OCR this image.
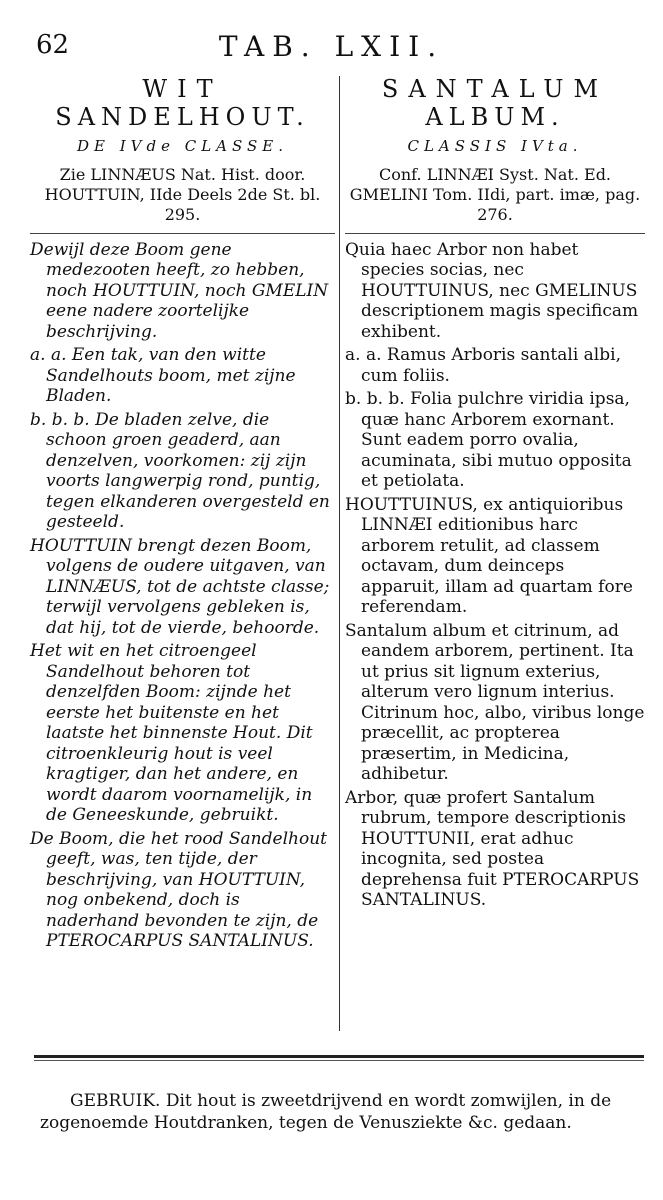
62	TAB. LXII.
WIT
SANDELHOUT.
DE IVde CLASSE.
Zie LINNÆUS Nat. Hist. door. HOUTTUIN, IIde Deels 2de St. bl. 295.

Dewijl deze Boom gene medezooten heeft, zo hebben, noch HOUTTUIN, noch GMELIN eene nadere zoortelijke beschrijving.

a. a. Een tak, van den witte Sandelhouts boom, met zijne Bladen.

b. b. b. De bladen zelve, die schoon groen geaderd, aan denzelven, voorkomen: zij zijn voorts langwerpig rond, puntig, tegen elkanderen overgesteld en gesteeld.

HOUTTUIN brengt dezen Boom, volgens de oudere uitgaven, van LINNÆUS, tot de achtste classe; terwijl vervolgens gebleken is, dat hij, tot de vierde, behoorde.

Het wit en het citroengeel Sandelhout behoren tot denzelfden Boom: zijnde het eerste het buitenste en het laatste het binnenste Hout. Dit citroenkleurig hout is veel kragtiger, dan het andere, en wordt daarom voornamelijk, in de Geneeskunde, gebruikt.

De Boom, die het rood Sandelhout geeft, was, ten tijde, der beschrijving, van HOUTTUIN, nog onbekend, doch is naderhand bevonden te zijn, de PTEROCARPUS SANTALINUS.

SANTALUM
ALBUM.
CLASSIS IVta.
Conf. LINNÆI Syst. Nat. Ed. GMELINI Tom. IIdi, part. imæ, pag. 276.

Quia haec Arbor non habet species socias, nec HOUTTUINUS, nec GMELINUS descriptionem magis specificam exhibent.

a. a. Ramus Arboris santali albi, cum foliis.

b. b. b. Folia pulchre viridia ipsa, quæ hanc Arborem exornant. Sunt eadem porro ovalia, acuminata, sibi mutuo opposita et petiolata.

HOUTTUINUS, ex antiquioribus LINNÆI editionibus harc arborem retulit, ad classem octavam, dum deinceps apparuit, illam ad quartam fore referendam.

Santalum album et citrinum, ad eandem arborem, pertinent. Ita ut prius sit lignum exterius, alterum vero lignum interius. Citrinum hoc, albo, viribus longe præcellit, ac propterea præsertim, in Medicina, adhibetur.

Arbor, quæ profert Santalum rubrum, tempore descriptionis HOUTTUNII, erat adhuc incognita, sed postea deprehensa fuit PTEROCARPUS SANTALINUS.

GEBRUIK. Dit hout is zweetdrijvend en wordt zomwijlen, in de zogenoemde Houtdranken, tegen de Venusziekte &c. gedaan.
